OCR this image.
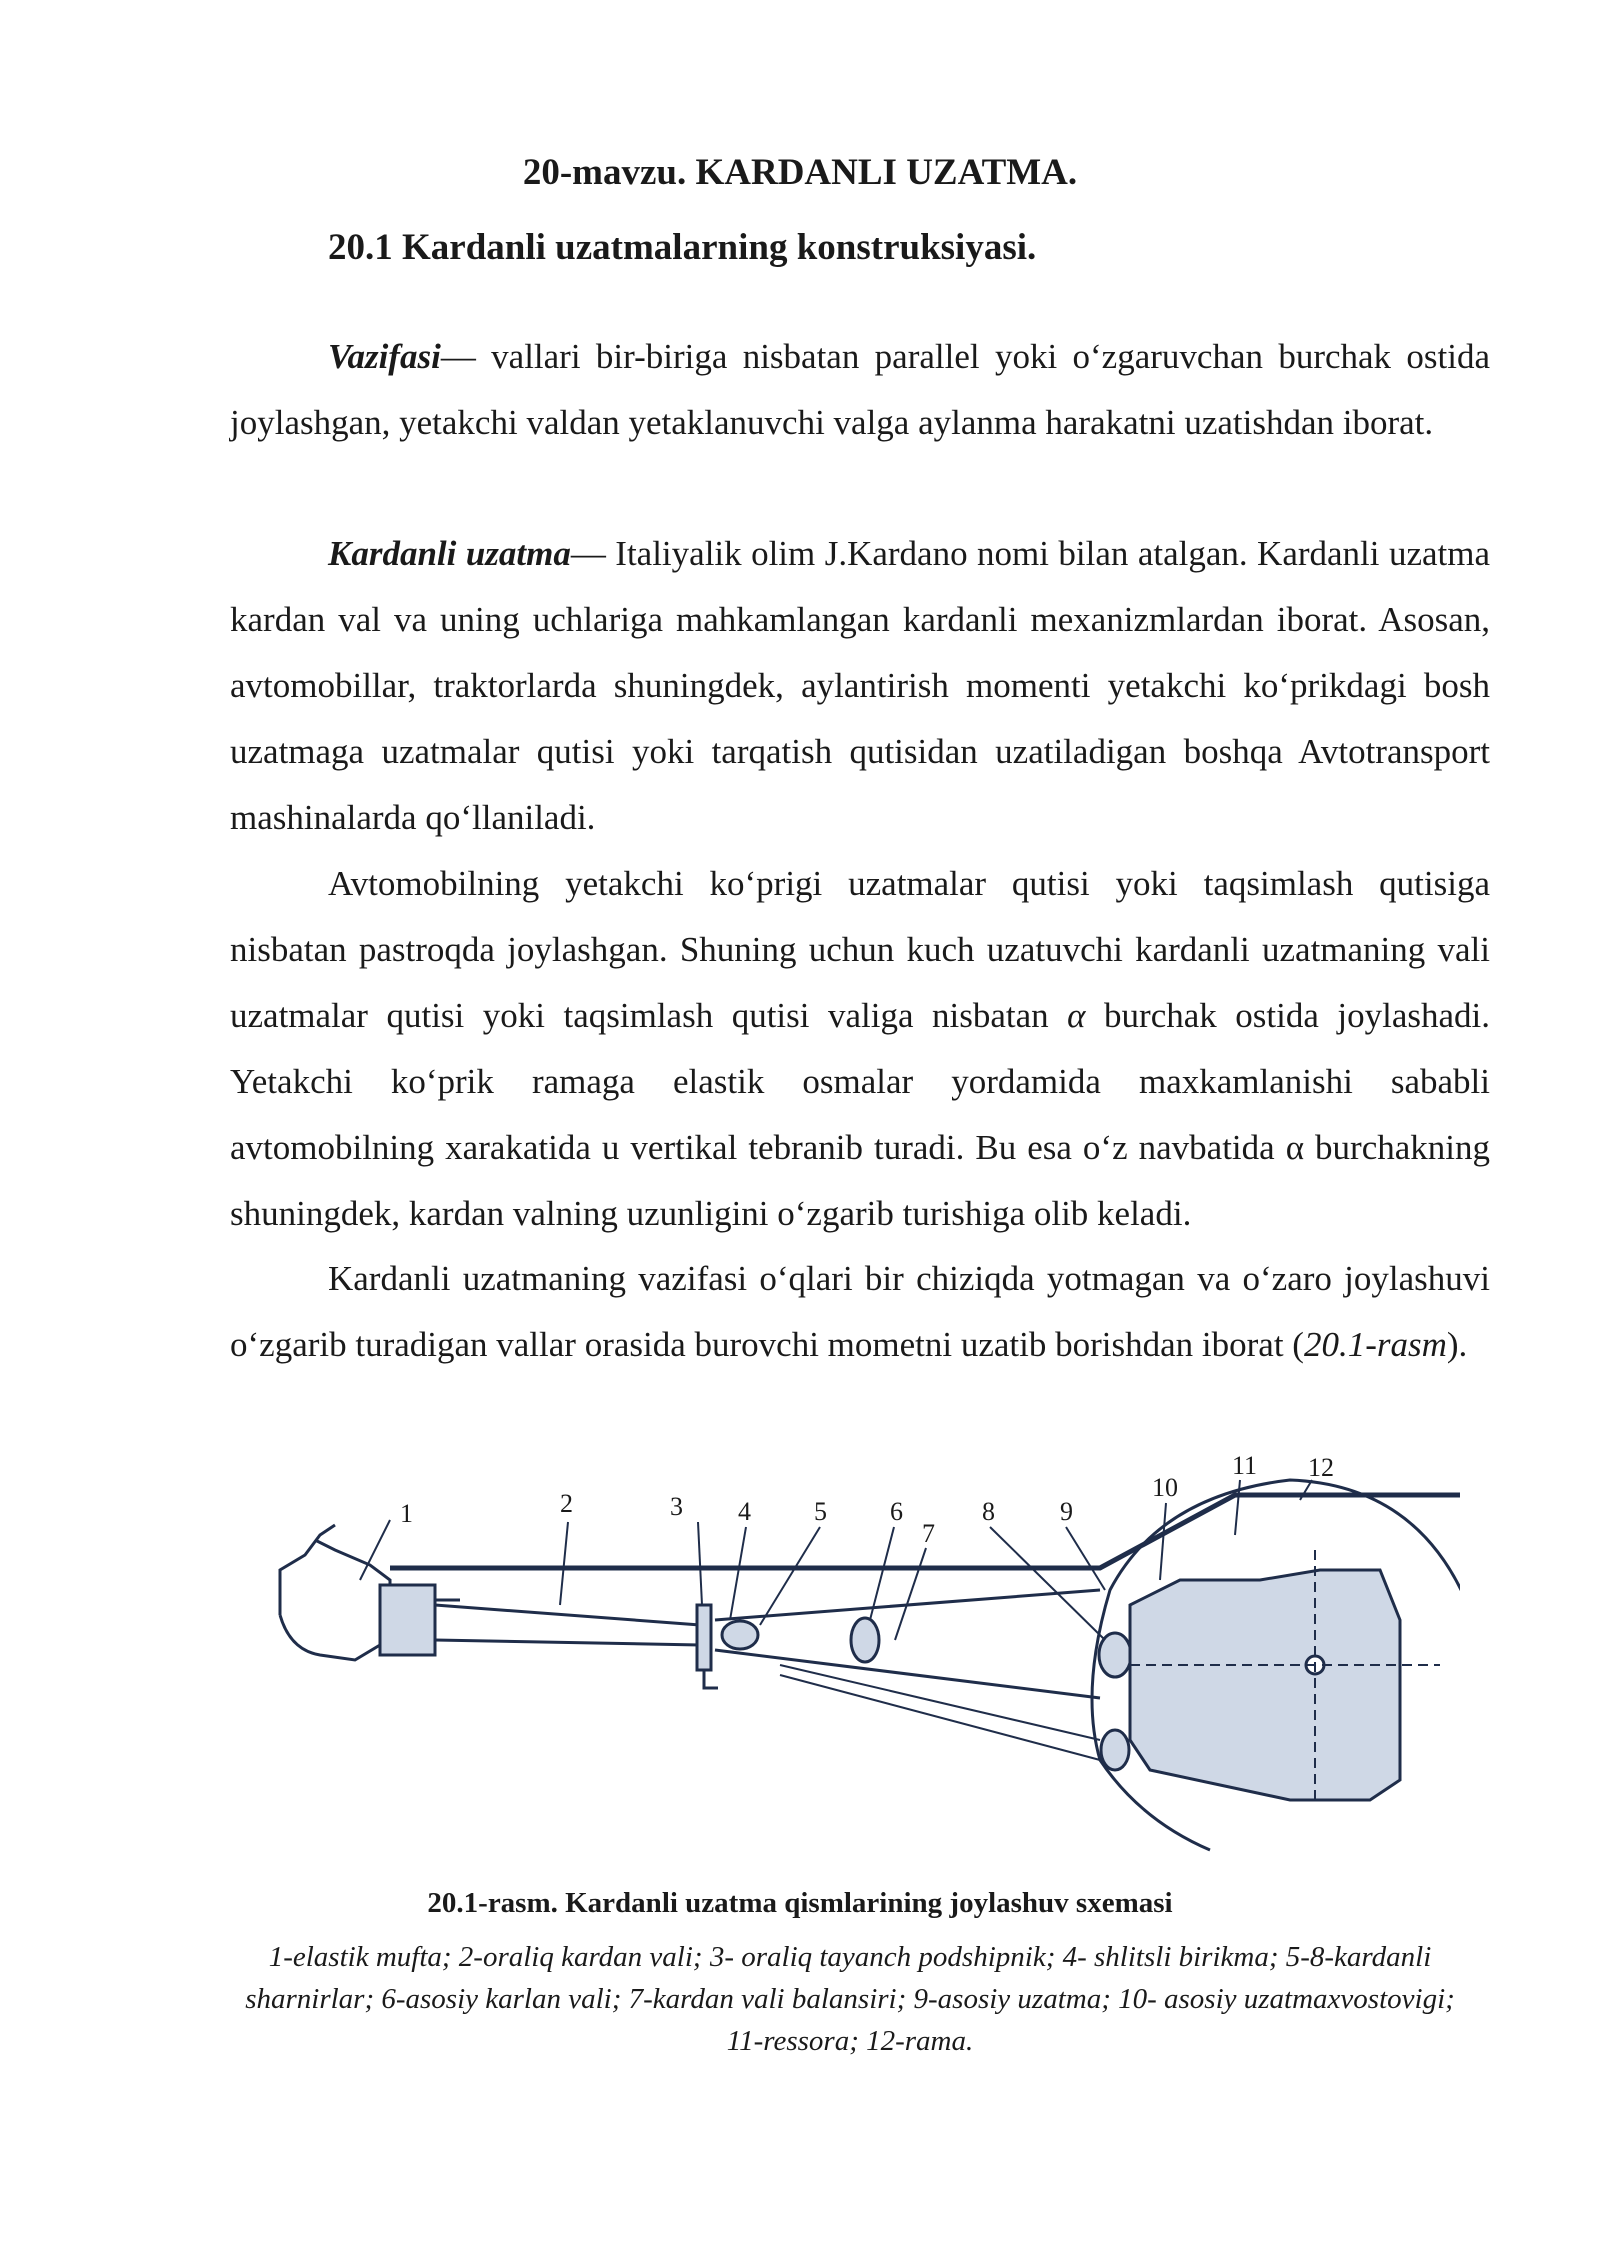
20-mavzu. KARDANLI UZATMA.
20.1 Kardanli uzatmalarning konstruksiyasi.

Vazifasi— vallari bir-biriga nisbatan parallel yoki o‘zgaruvchan burchak ostida joylashgan, yetakchi valdan yetaklanuvchi valga aylanma harakatni uzatishdan iborat.

Kardanli uzatma— Italiyalik olim J.Kardano nomi bilan atalgan. Kardanli uzatma kardan val va uning uchlariga mahkamlangan kardanli mexanizmlardan iborat. Asosan, avtomobillar, traktorlarda shuningdek, aylantirish momenti yetakchi ko‘prikdagi bosh uzatmaga uzatmalar qutisi yoki tarqatish qutisidan uzatiladigan boshqa Avtotransport mashinalarda qo‘llaniladi.

Avtomobilning yetakchi ko‘prigi uzatmalar qutisi yoki taqsimlash qutisiga nisbatan pastroqda joylashgan. Shuning uchun kuch uzatuvchi kardanli uzatmaning vali uzatmalar qutisi yoki taqsimlash qutisi valiga nisbatan α burchak ostida joylashadi. Yetakchi ko‘prik ramaga elastik osmalar yordamida maxkamlanishi sababli avtomobilning xarakatida u vertikal tebranib turadi. Bu esa o‘z navbatida α burchakning shuningdek, kardan valning uzunligini o‘zgarib turishiga olib keladi.

Kardanli uzatmaning vazifasi o‘qlari bir chiziqda yotmagan va o‘zaro joylashuvi o‘zgarib turadigan vallar orasida burovchi mometni uzatib borishdan iborat (20.1-rasm).

1	2	3 4 5 6
7
8	9
10
11 12
20.1-rasm. Kardanli uzatma qismlarining joylashuv sxemasi
1-elastik mufta; 2-oraliq kardan vali; 3- oraliq tayanch podshipnik; 4- shlitsli birikma; 5-8-kardanli sharnirlar; 6-asosiy karlan vali; 7-kardan vali balansiri; 9-asosiy uzatma; 10- asosiy uzatmaxvostovigi; 11-ressora; 12-rama.
